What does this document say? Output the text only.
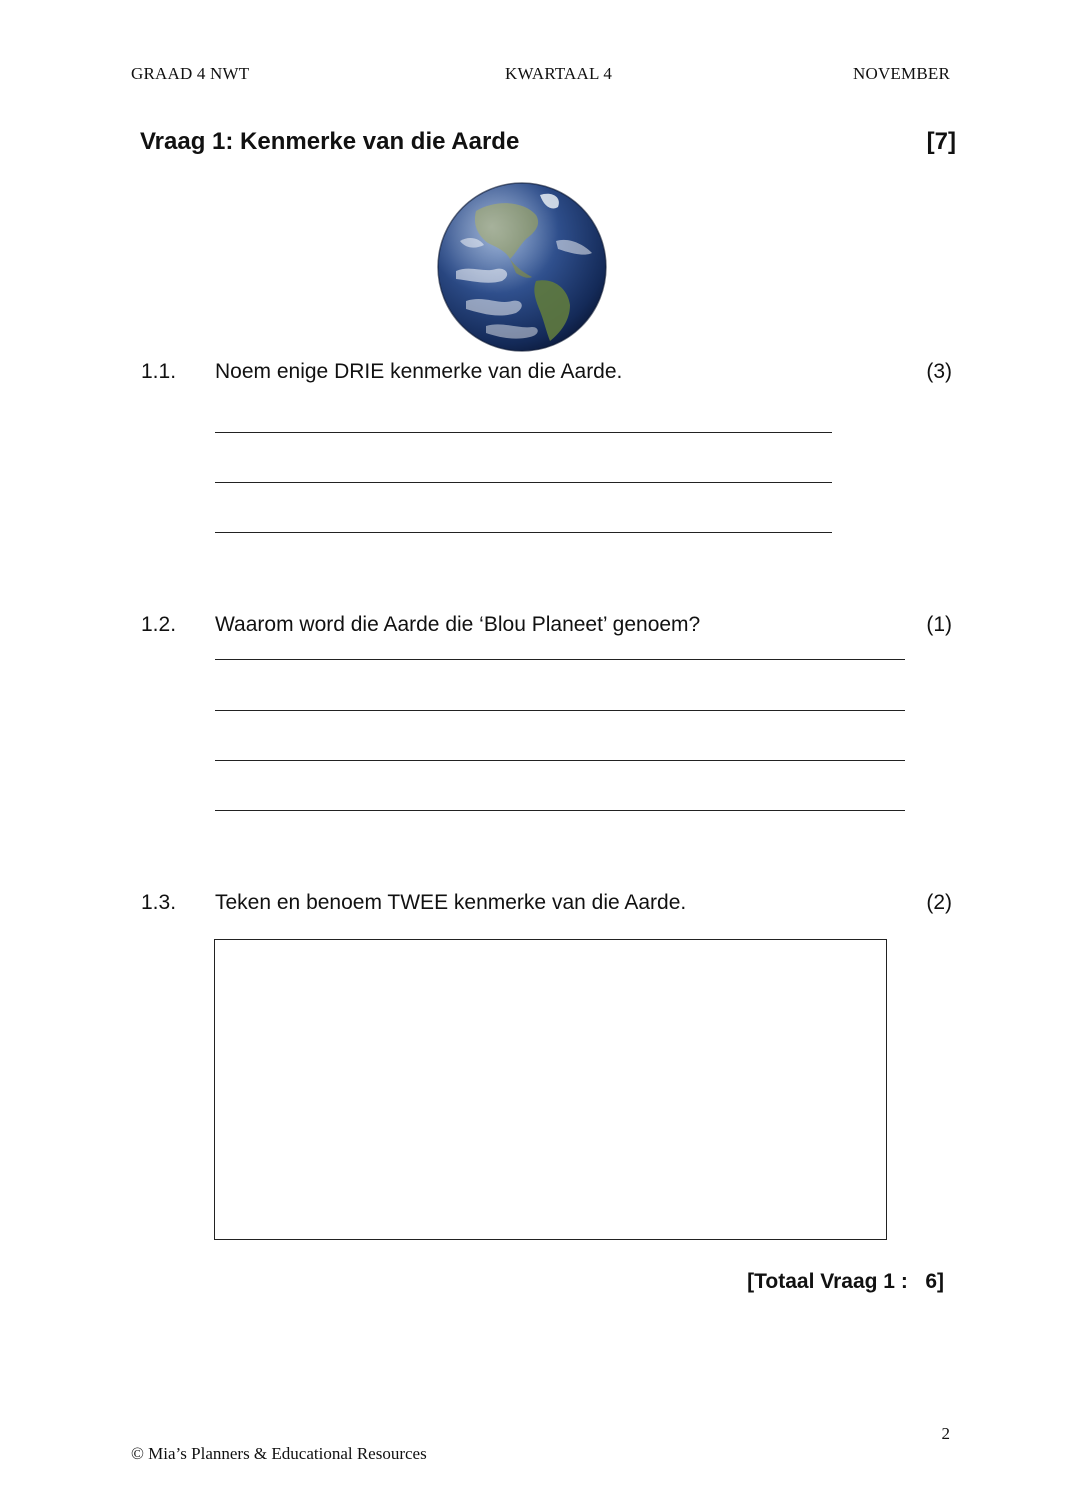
GRAAD 4 NWT	KWARTAAL 4	NOVEMBER
Vraag 1: Kenmerke van die Aarde	[7]
1.1. Noem enige DRIE kenmerke van die Aarde.	(3)
1.2. Waarom word die Aarde die ‘Blou Planeet’ genoem?	(1)
1.3. Teken en benoem TWEE kenmerke van die Aarde.	(2)
[Totaal Vraag 1 :   6]
2
© Mia’s Planners & Educational Resources
